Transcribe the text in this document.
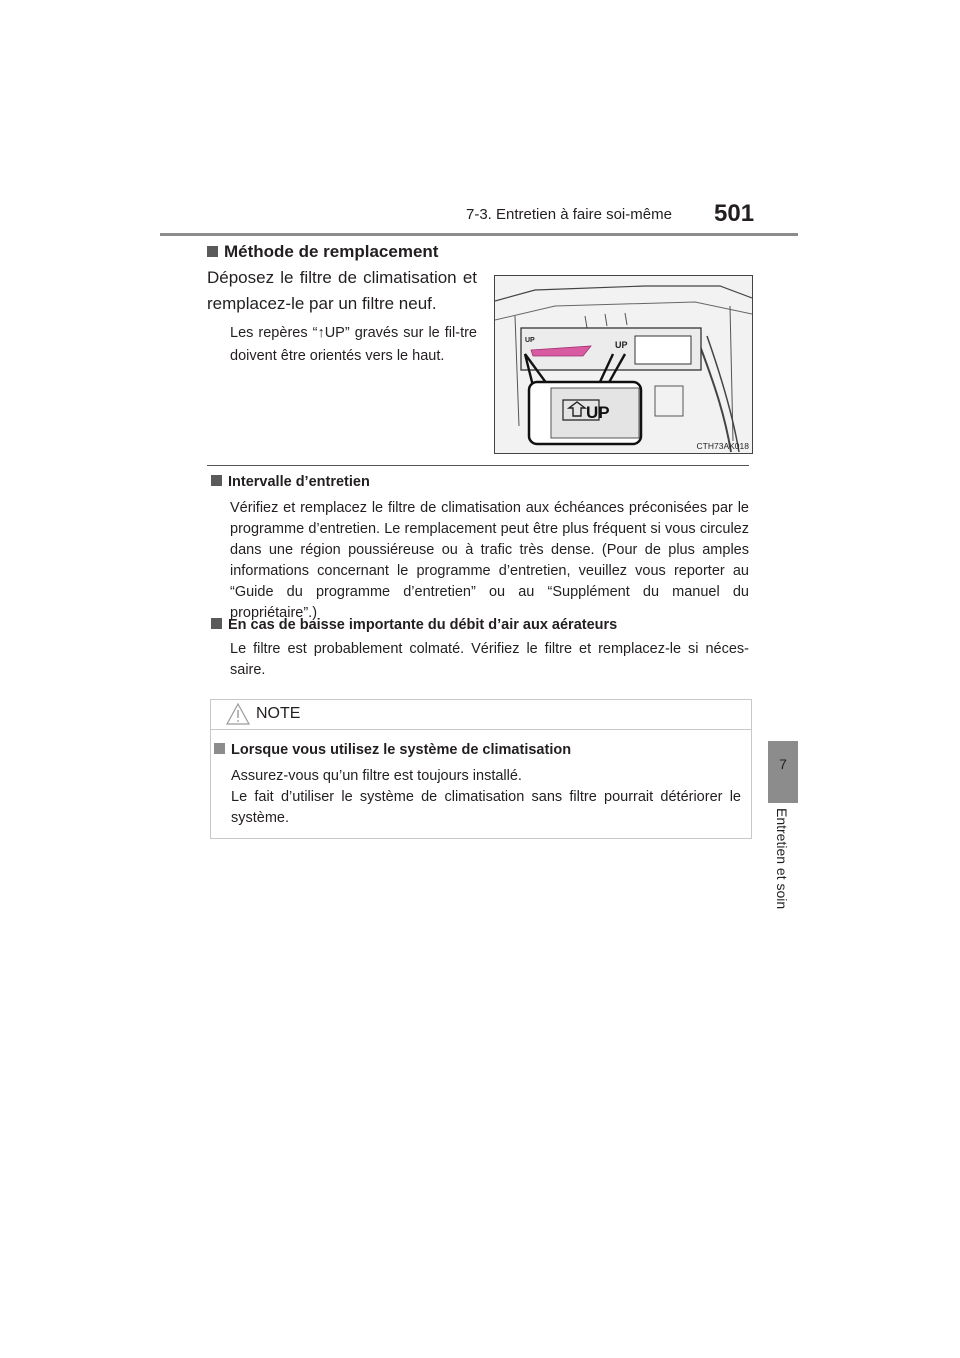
7-3. Entretien à faire soi-même 501
7
Entretien et soin
Méthode de remplacement
Déposez le filtre de climatisation et remplacez-le par un filtre neuf.
Les repères “↑UP” gravés sur le fil-tre doivent être orientés vers le haut.
UP	UP
UP
CTH73AK018
Intervalle d’entretien
Vérifiez et remplacez le filtre de climatisation aux échéances préconisées par le programme d’entretien. Le remplacement peut être plus fréquent si vous circulez dans une région poussiéreuse ou à trafic très dense. (Pour de plus amples informations concernant le programme d’entretien, veuillez vous reporter au “Guide du programme d’entretien” ou au “Supplément du manuel du propriétaire”.)
En cas de baisse importante du débit d’air aux aérateurs
Le filtre est probablement colmaté. Vérifiez le filtre et remplacez-le si néces-saire.
NOTE
Lorsque vous utilisez le système de climatisation
Assurez-vous qu’un filtre est toujours installé.
Le fait d’utiliser le système de climatisation sans filtre pourrait détériorer le système.
